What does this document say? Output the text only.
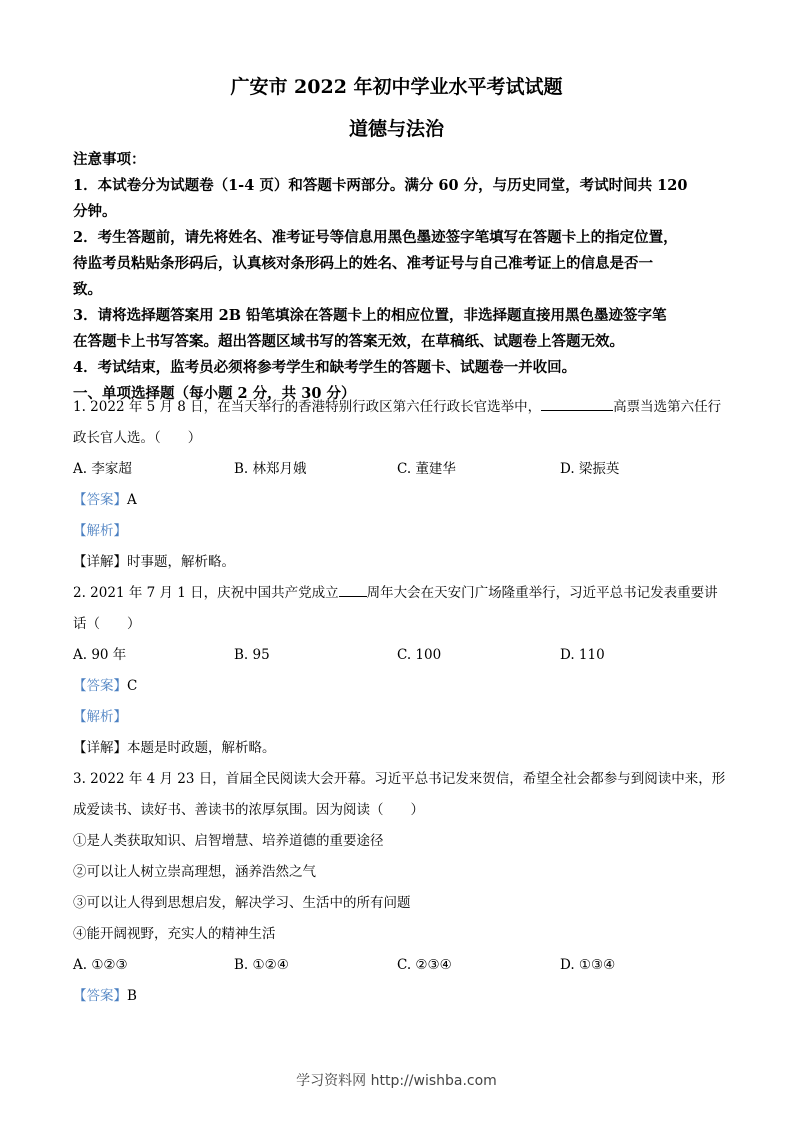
广安市 2022 年初中学业水平考试试题
道德与法治
注意事项：
1．本试卷分为试题卷（1-4 页）和答题卡两部分。满分 60 分，与历史同堂，考试时间共 120
分钟。
2．考生答题前，请先将姓名、准考证号等信息用黑色墨迹签字笔填写在答题卡上的指定位置，
待监考员粘贴条形码后，认真核对条形码上的姓名、准考证号与自己准考证上的信息是否一
致。
3．请将选择题答案用 2B 铅笔填涂在答题卡上的相应位置，非选择题直接用黑色墨迹签字笔
在答题卡上书写答案。超出答题区域书写的答案无效，在草稿纸、试题卷上答题无效。
4．考试结束，监考员必须将参考学生和缺考学生的答题卡、试题卷一并收回。
一、单项选择题（每小题 2 分，共 30 分）
1. 2022 年 5 月 8 日，在当天举行的香港特别行政区第六任行政长官选举中，	高票当选第六任行
政长官人选。（　　）
A. 李家超	B. 林郑月娥	C. 董建华	D. 梁振英
【答案】A
【解析】
【详解】时事题，解析略。
2. 2021 年 7 月 1 日，庆祝中国共产党成立 周年大会在天安门广场隆重举行，习近平总书记发表重要讲
话（　　）
A. 90 年	B. 95	C. 100	D. 110
【答案】C
【解析】
【详解】本题是时政题，解析略。
3. 2022 年 4 月 23 日，首届全民阅读大会开幕。习近平总书记发来贺信，希望全社会都参与到阅读中来，形
成爱读书、读好书、善读书的浓厚氛围。因为阅读（　　）
①是人类获取知识、启智增慧、培养道德的重要途径
②可以让人树立崇高理想，涵养浩然之气
③可以让人得到思想启发，解决学习、生活中的所有问题
④能开阔视野，充实人的精神生活
A. ①②③	B. ①②④	C. ②③④	D. ①③④
【答案】B
学习资料网 http://wishba.com
